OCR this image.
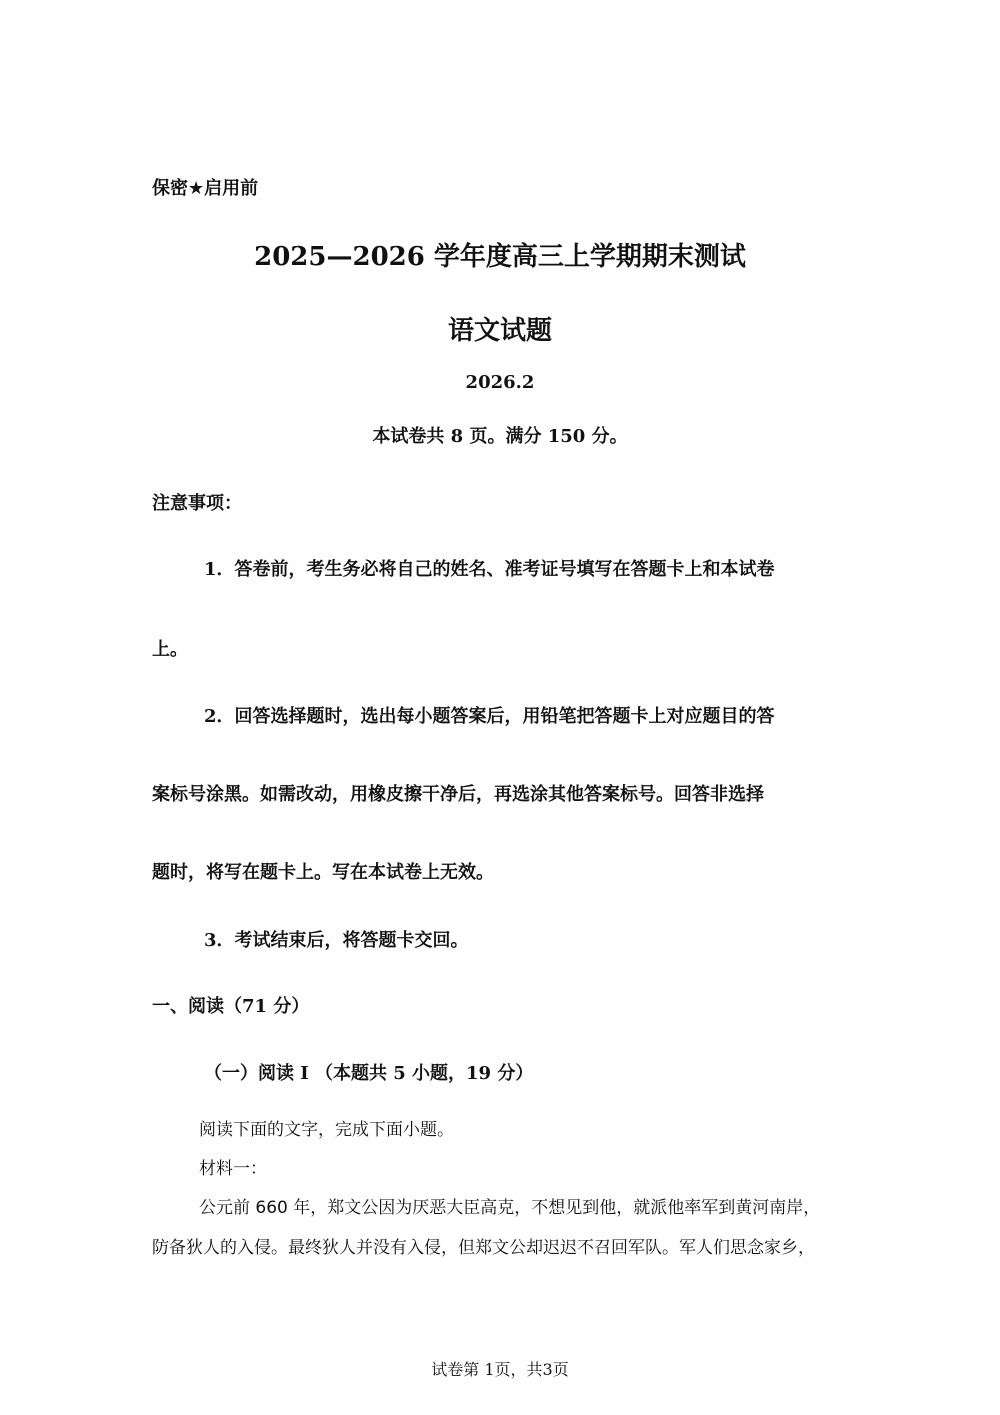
保密★启用前

2025—2026 学年度高三上学期期末测试
语文试题

2026.2

本试卷共 8 页。满分 150 分。

注意事项：

1．答卷前，考生务必将自己的姓名、准考证号填写在答题卡上和本试卷

上。

2．回答选择题时，选出每小题答案后，用铅笔把答题卡上对应题目的答

案标号涂黑。如需改动，用橡皮擦干净后，再选涂其他答案标号。回答非选择

题时，将写在题卡上。写在本试卷上无效。

3．考试结束后，将答题卡交回。

一、阅读（71 分）
（一）阅读 I （本题共 5 小题，19 分）

阅读下面的文字，完成下面小题。

材料一：

公元前 660 年，郑文公因为厌恶大臣高克，不想见到他，就派他率军到黄河南岸，

防备狄人的入侵。最终狄人并没有入侵，但郑文公却迟迟不召回军队。军人们思念家乡，

试卷第 1页，共3页
